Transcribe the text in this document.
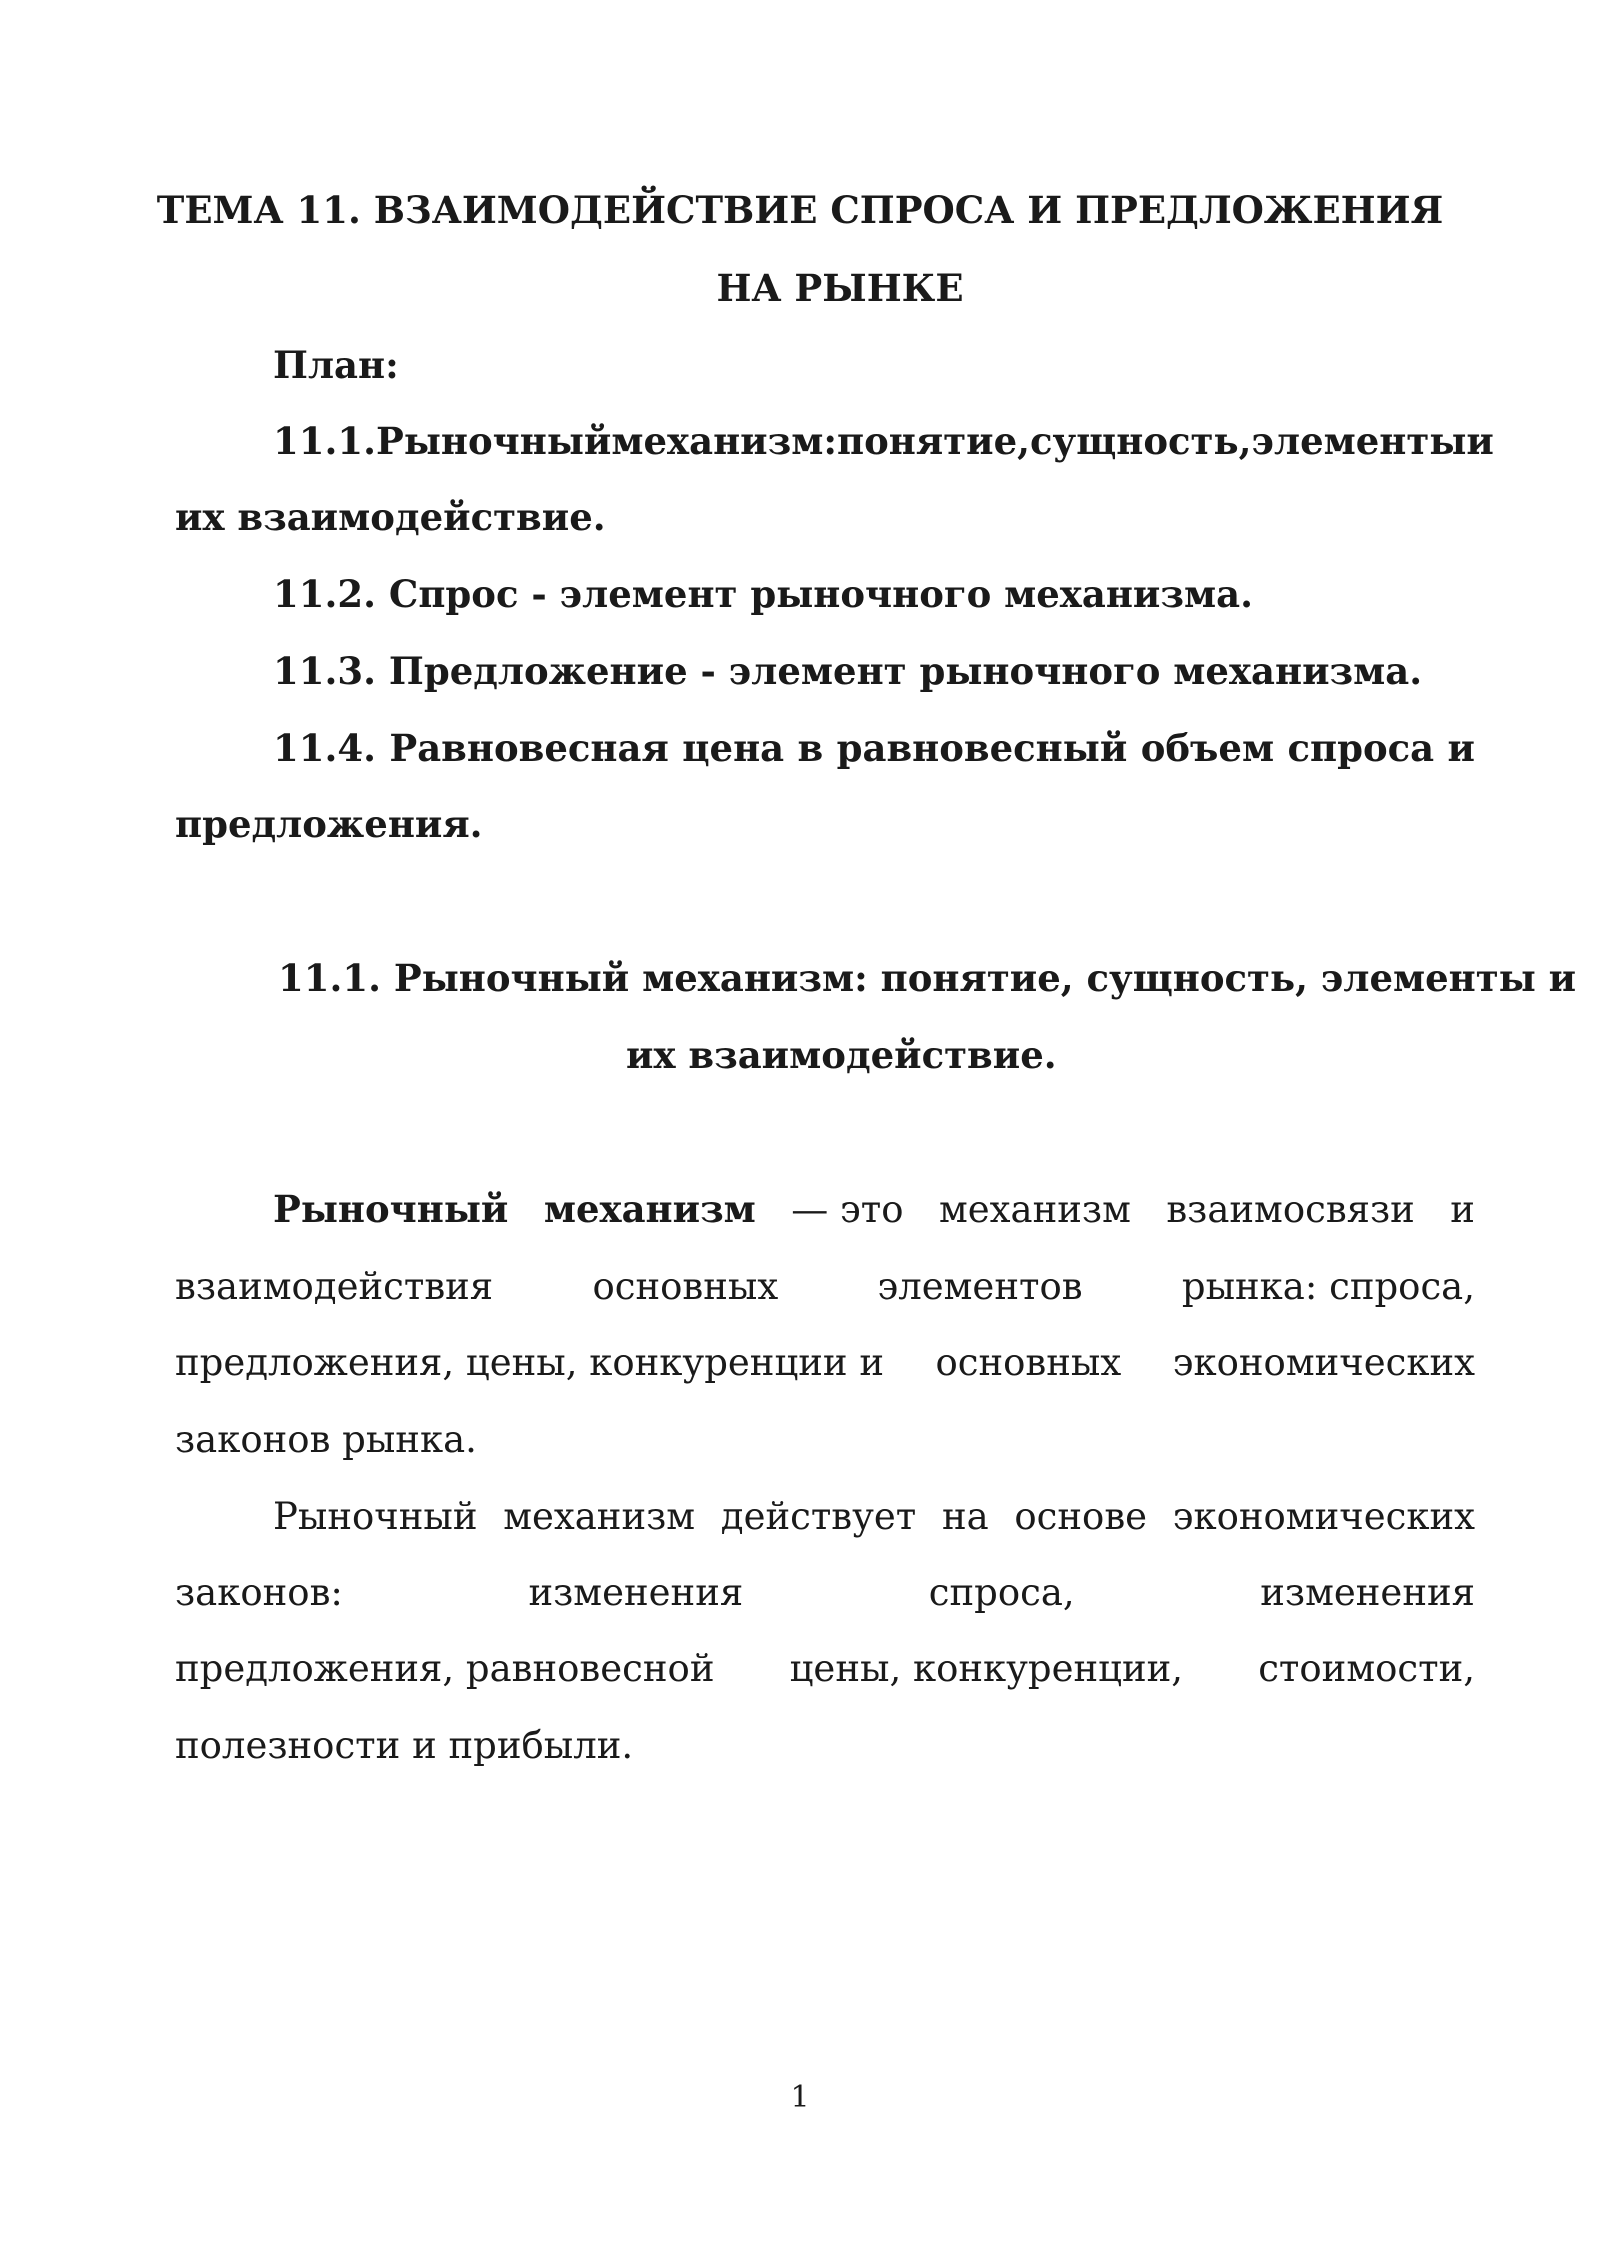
ТЕМА 11. ВЗАИМОДЕЙСТВИЕ СПРОСА И ПРЕДЛОЖЕНИЯ
НА РЫНКЕ
План:
11.1. Рыночный механизм: понятие, сущность, элементы и
их взаимодействие.
11.2. Спрос - элемент рыночного механизма.
11.3. Предложение - элемент рыночного механизма.
11.4. Равновесная цена в равновесный объем спроса и
предложения.
11.1. Рыночный механизм: понятие, сущность, элементы и
их взаимодействие.
Рыночный механизм — это механизм взаимосвязи и
взаимодействия	основных	элементов	рынка: спроса,
предложения, цены, конкуренции и основных экономических
законов рынка.
Рыночный механизм действует на основе экономических
законов:	изменения	спроса,	изменения
предложения, равновесной цены, конкуренции, стоимости,
полезности и прибыли.
1
